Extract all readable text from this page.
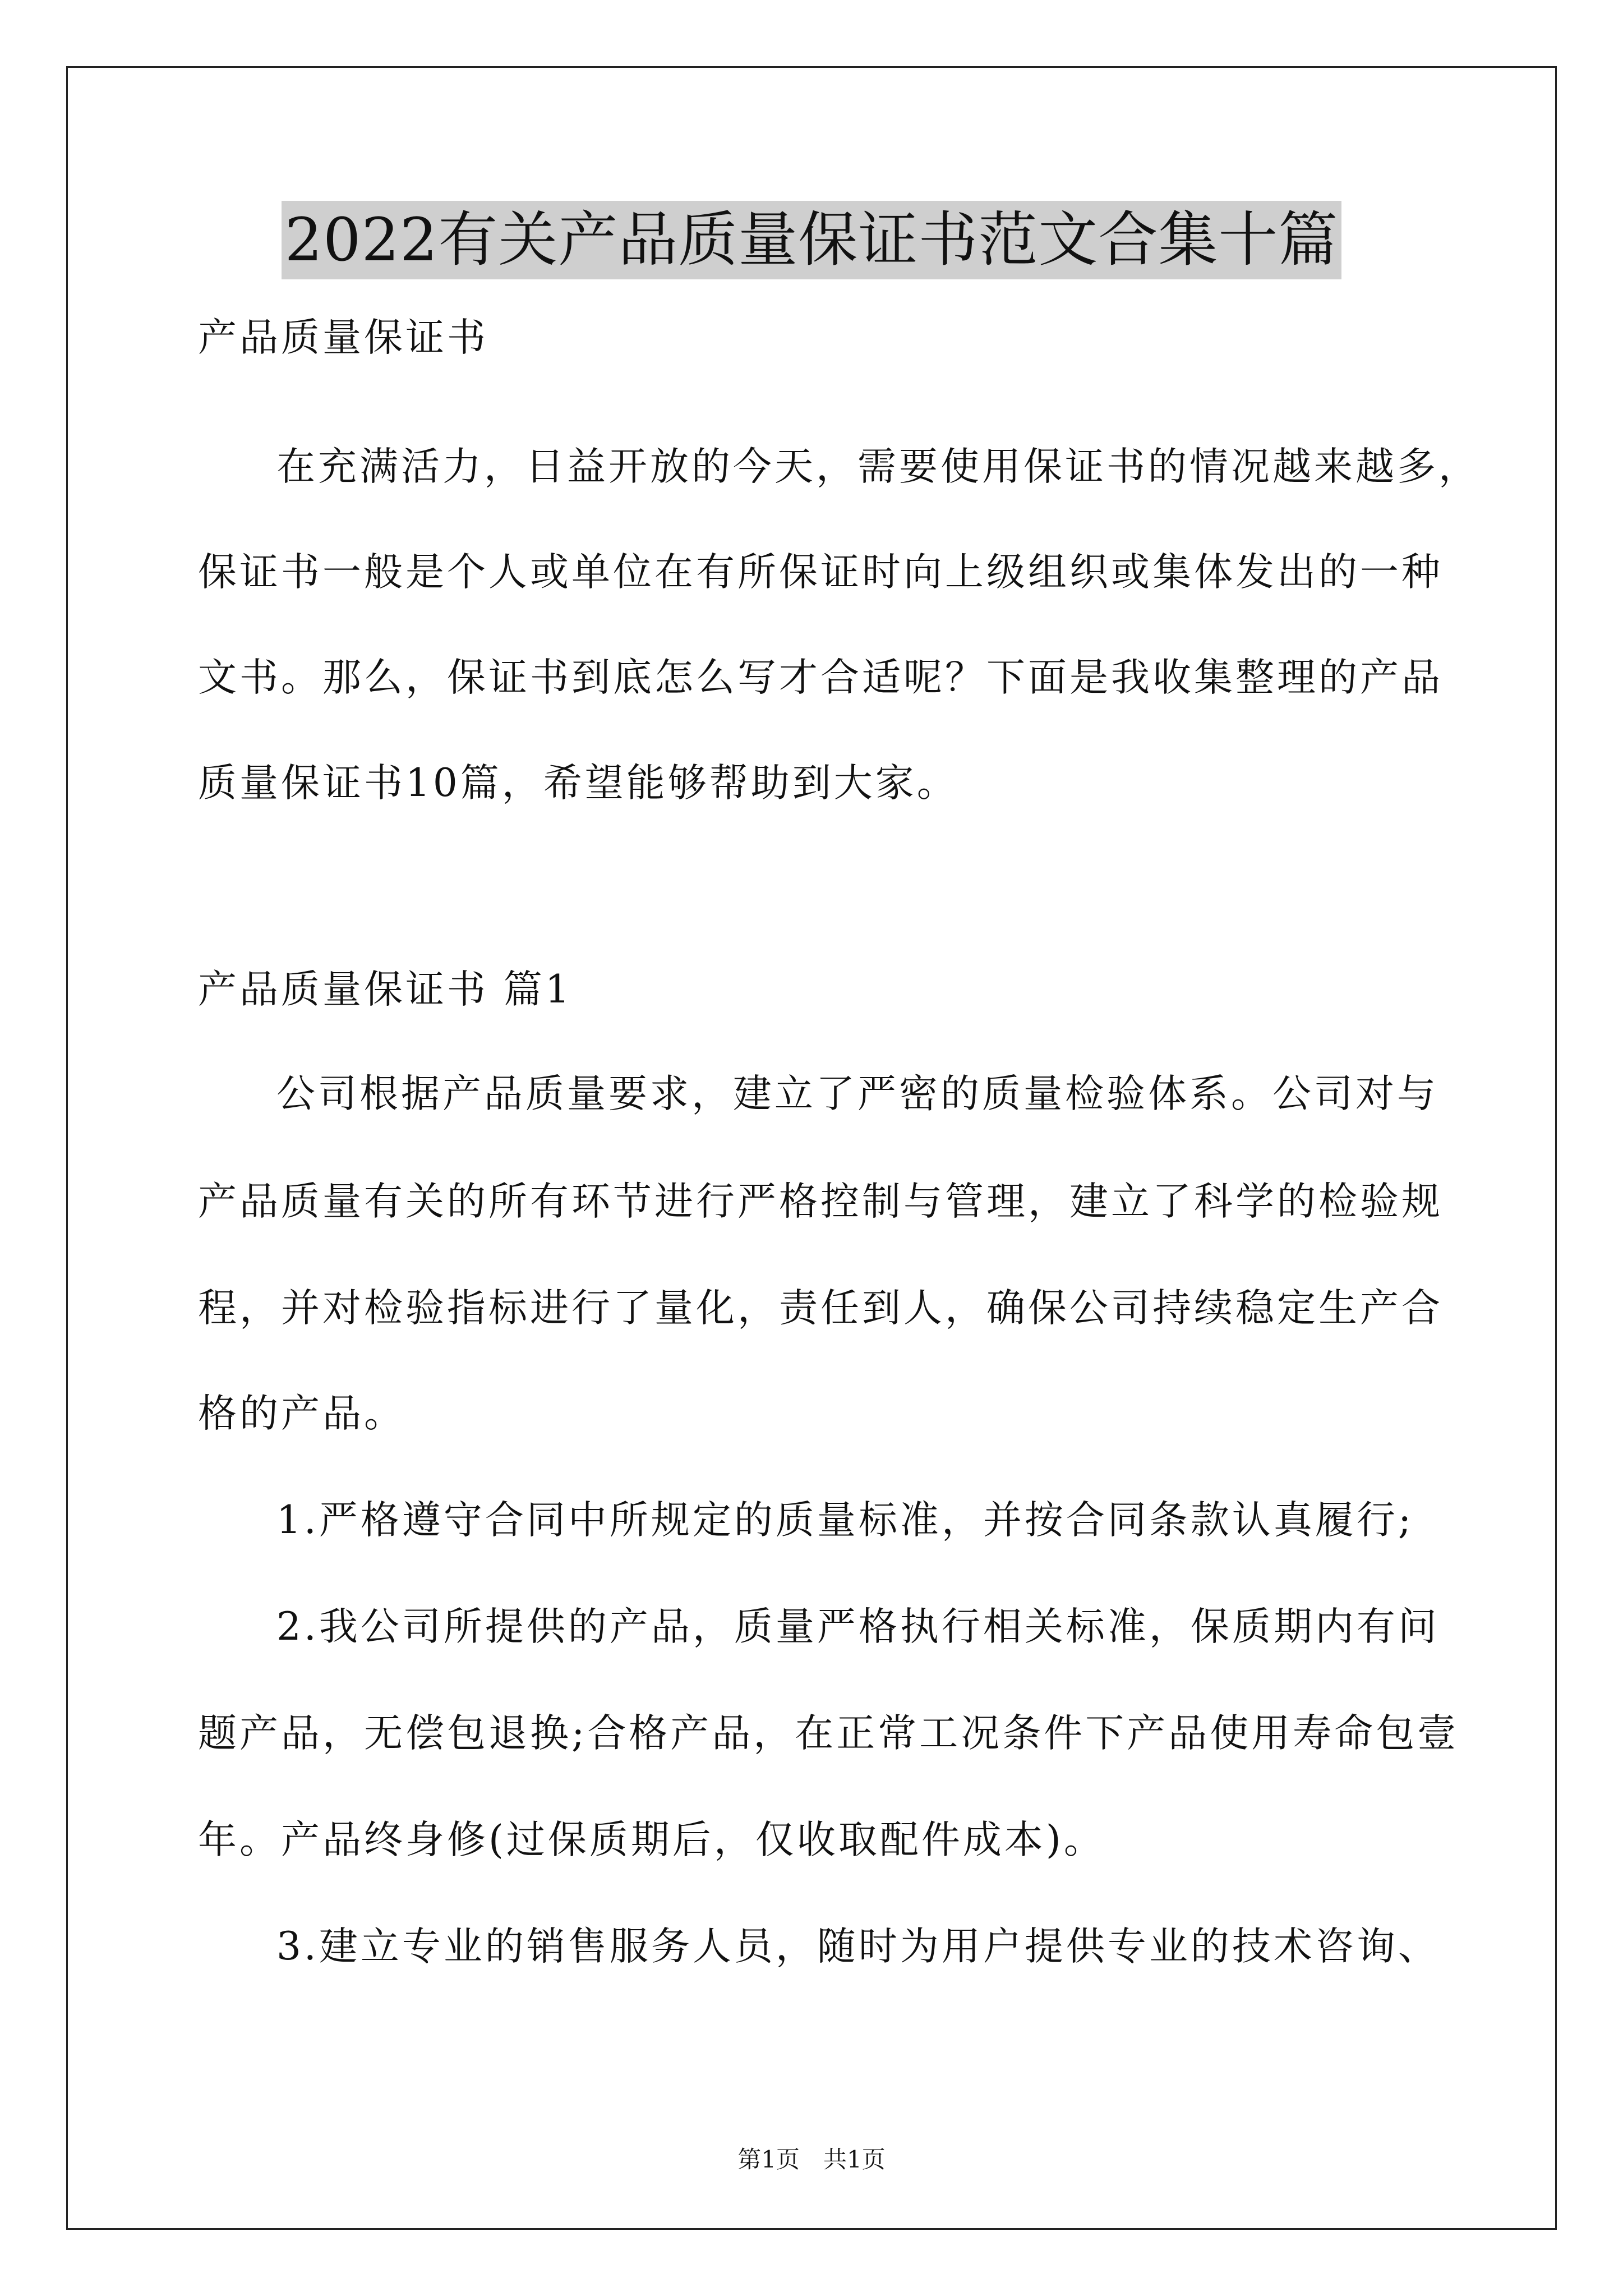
2022有关产品质量保证书范文合集十篇
产品质量保证书
在充满活力，日益开放的今天，需要使用保证书的情况越来越多，
保证书一般是个人或单位在有所保证时向上级组织或集体发出的一种
文书。那么，保证书到底怎么写才合适呢？下面是我收集整理的产品
质量保证书10篇，希望能够帮助到大家。
产品质量保证书 篇1
公司根据产品质量要求，建立了严密的质量检验体系。公司对与
产品质量有关的所有环节进行严格控制与管理，建立了科学的检验规
程，并对检验指标进行了量化，责任到人，确保公司持续稳定生产合
格的产品。
1.严格遵守合同中所规定的质量标准，并按合同条款认真履行;
2.我公司所提供的产品，质量严格执行相关标准，保质期内有问
题产品，无偿包退换;合格产品，在正常工况条件下产品使用寿命包壹
年。产品终身修(过保质期后，仅收取配件成本)。
3.建立专业的销售服务人员，随时为用户提供专业的技术咨询、
第1页　共1页
